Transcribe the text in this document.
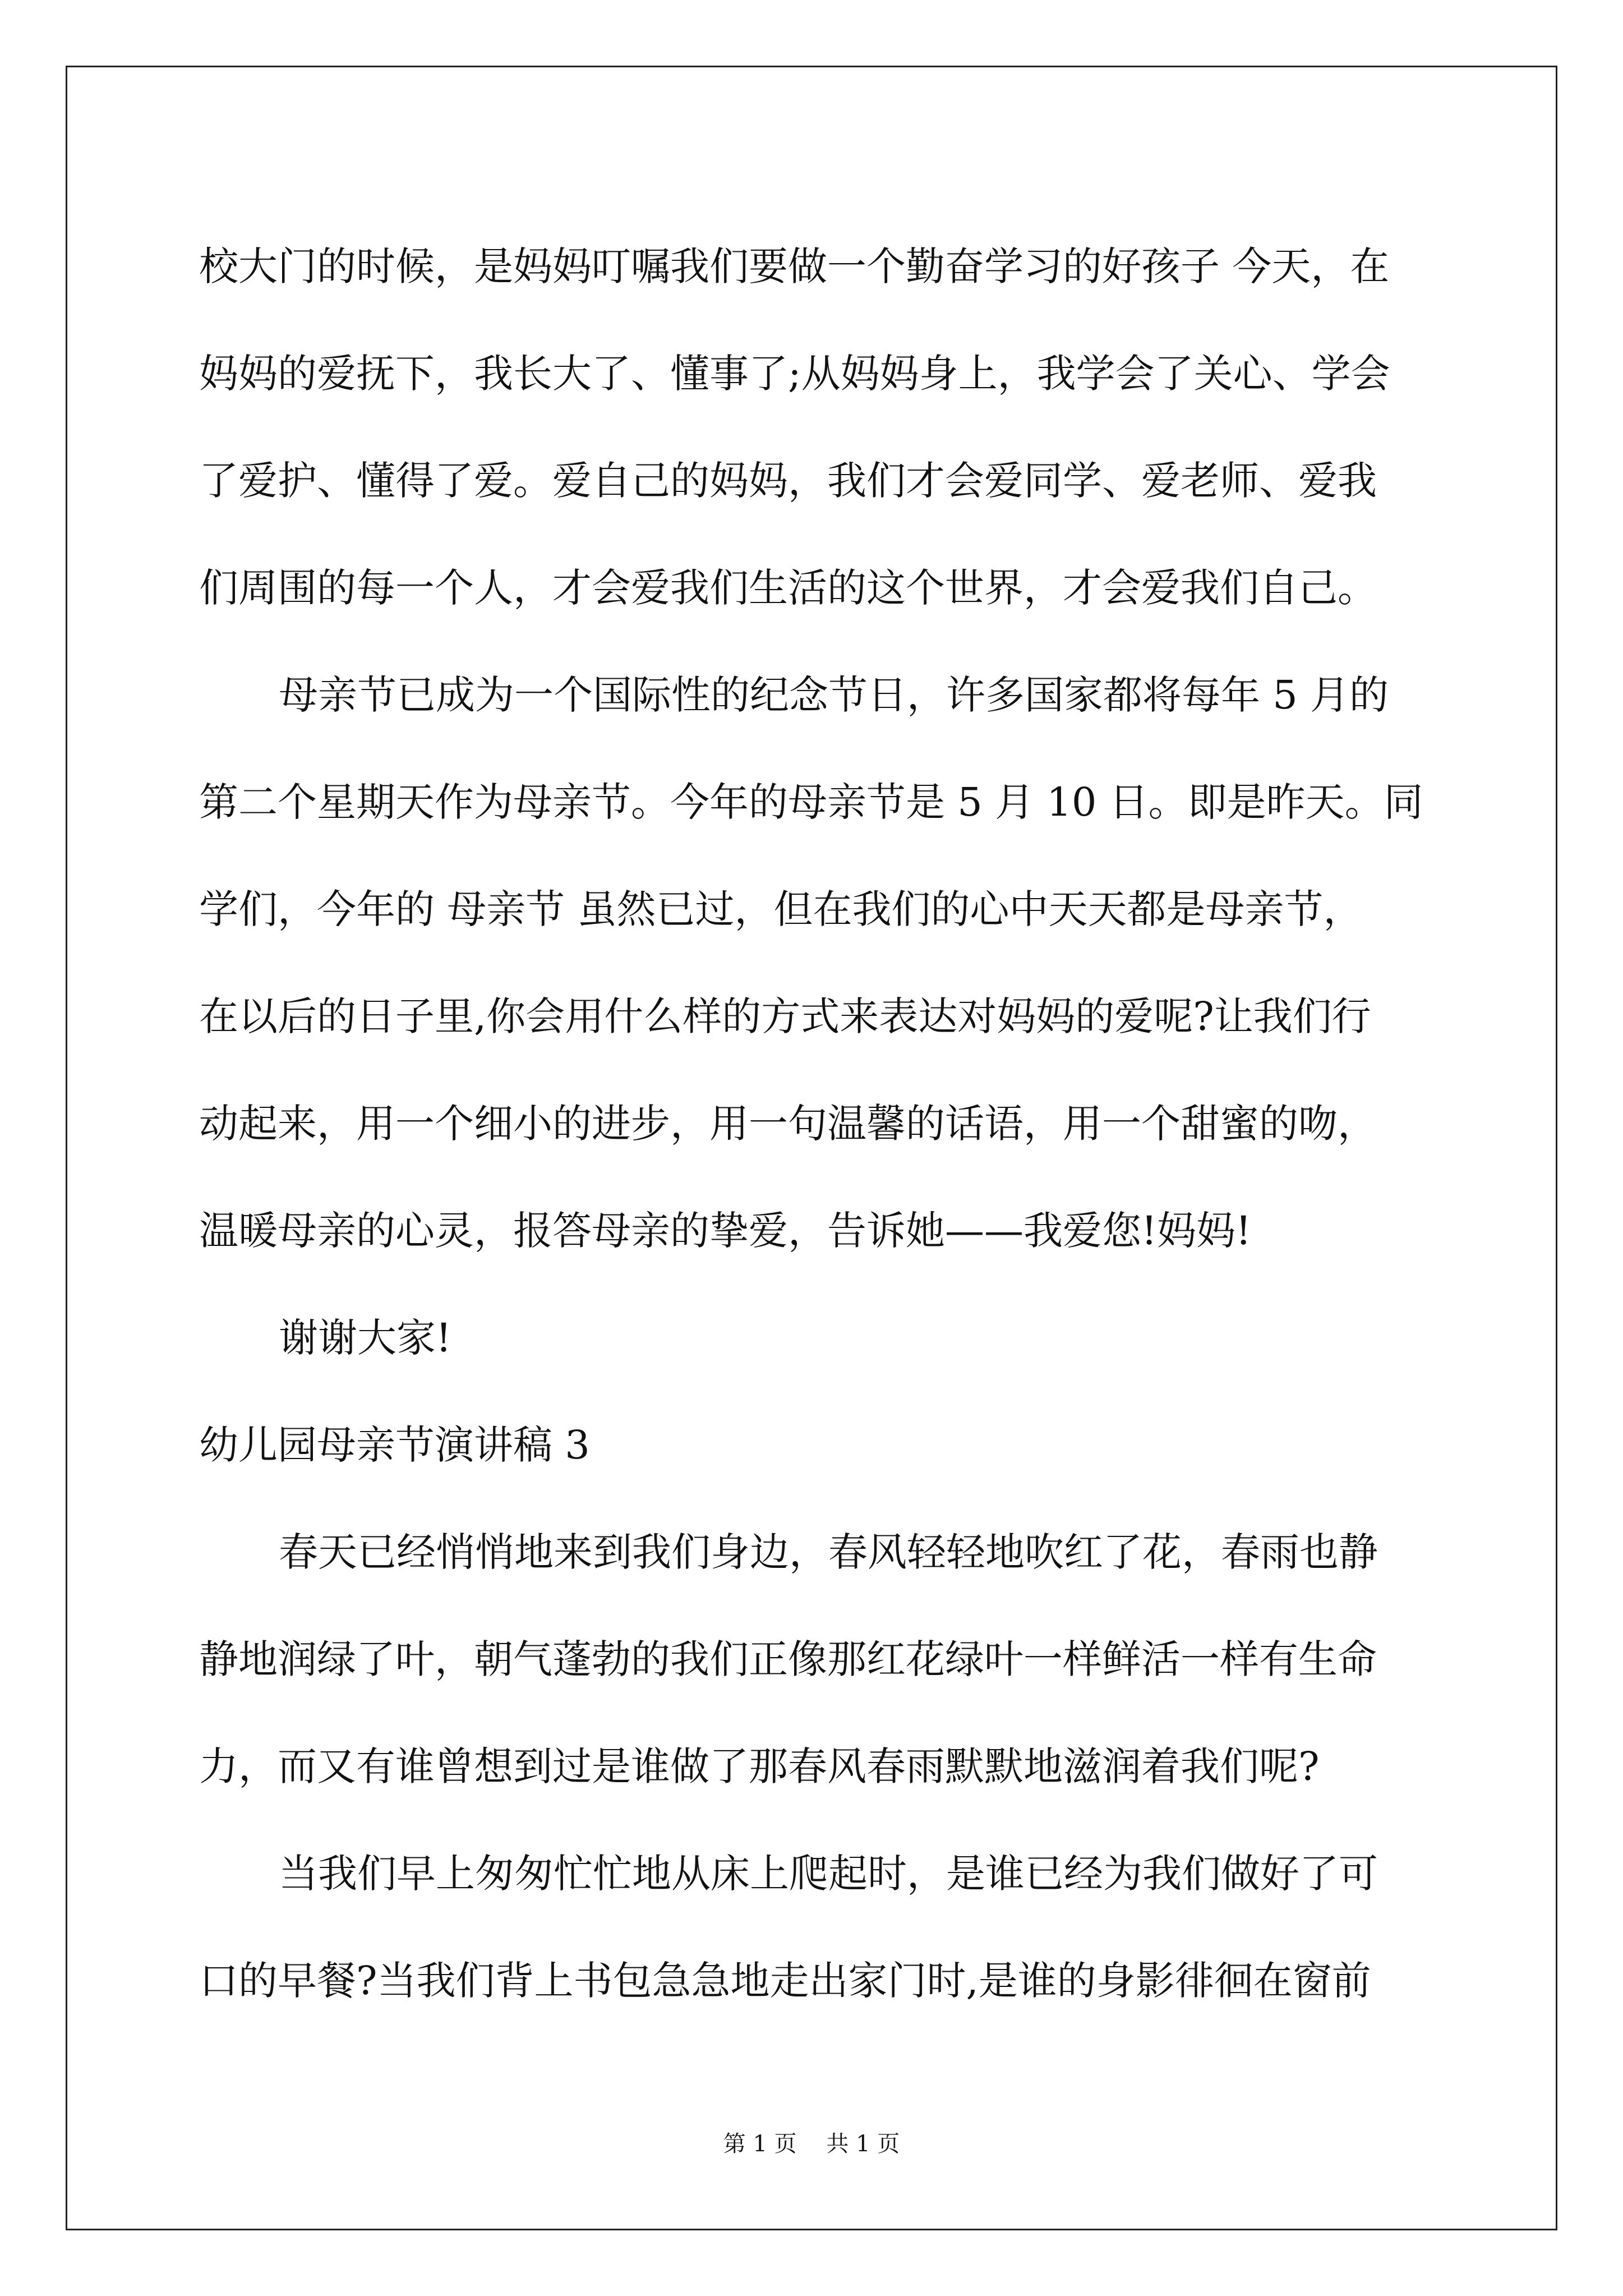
校大门的时候，是妈妈叮嘱我们要做一个勤奋学习的好孩子 今天，在
妈妈的爱抚下，我长大了、懂事了;从妈妈身上，我学会了关心、学会
了爱护、懂得了爱。爱自己的妈妈，我们才会爱同学、爱老师、爱我
们周围的每一个人，才会爱我们生活的这个世界，才会爱我们自己。
母亲节已成为一个国际性的纪念节日，许多国家都将每年 5 月的
第二个星期天作为母亲节。今年的母亲节是 5 月 10 日。即是昨天。同
学们，今年的 母亲节 虽然已过，但在我们的心中天天都是母亲节，
在以后的日子里,你会用什么样的方式来表达对妈妈的爱呢?让我们行
动起来，用一个细小的进步，用一句温馨的话语，用一个甜蜜的吻，
温暖母亲的心灵，报答母亲的挚爱，告诉她——我爱您!妈妈!
谢谢大家!
幼儿园母亲节演讲稿 3
春天已经悄悄地来到我们身边，春风轻轻地吹红了花，春雨也静
静地润绿了叶，朝气蓬勃的我们正像那红花绿叶一样鲜活一样有生命
力，而又有谁曾想到过是谁做了那春风春雨默默地滋润着我们呢?
当我们早上匆匆忙忙地从床上爬起时，是谁已经为我们做好了可
口的早餐?当我们背上书包急急地走出家门时,是谁的身影徘徊在窗前
第 1 页 共 1 页
